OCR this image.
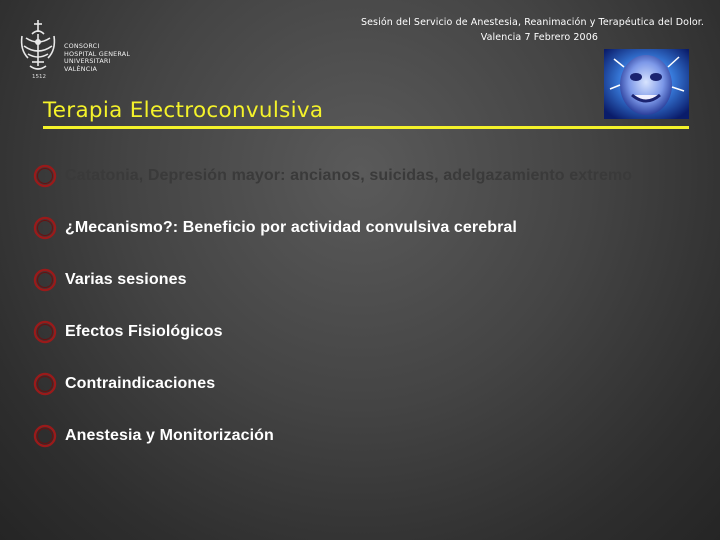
CONSORCI
HOSPITAL GENERAL
UNIVERSITARI
VALÈNCIA
1512
Sesión del Servicio de Anestesia, Reanimación y Terapéutica del Dolor.
Valencia 7 Febrero 2006
Terapia Electroconvulsiva
Catatonia, Depresión mayor: ancianos, suicidas, adelgazamiento extremo
¿Mecanismo?: Beneficio por actividad convulsiva cerebral
Varias sesiones
Efectos Fisiológicos
Contraindicaciones
Anestesia y Monitorización
